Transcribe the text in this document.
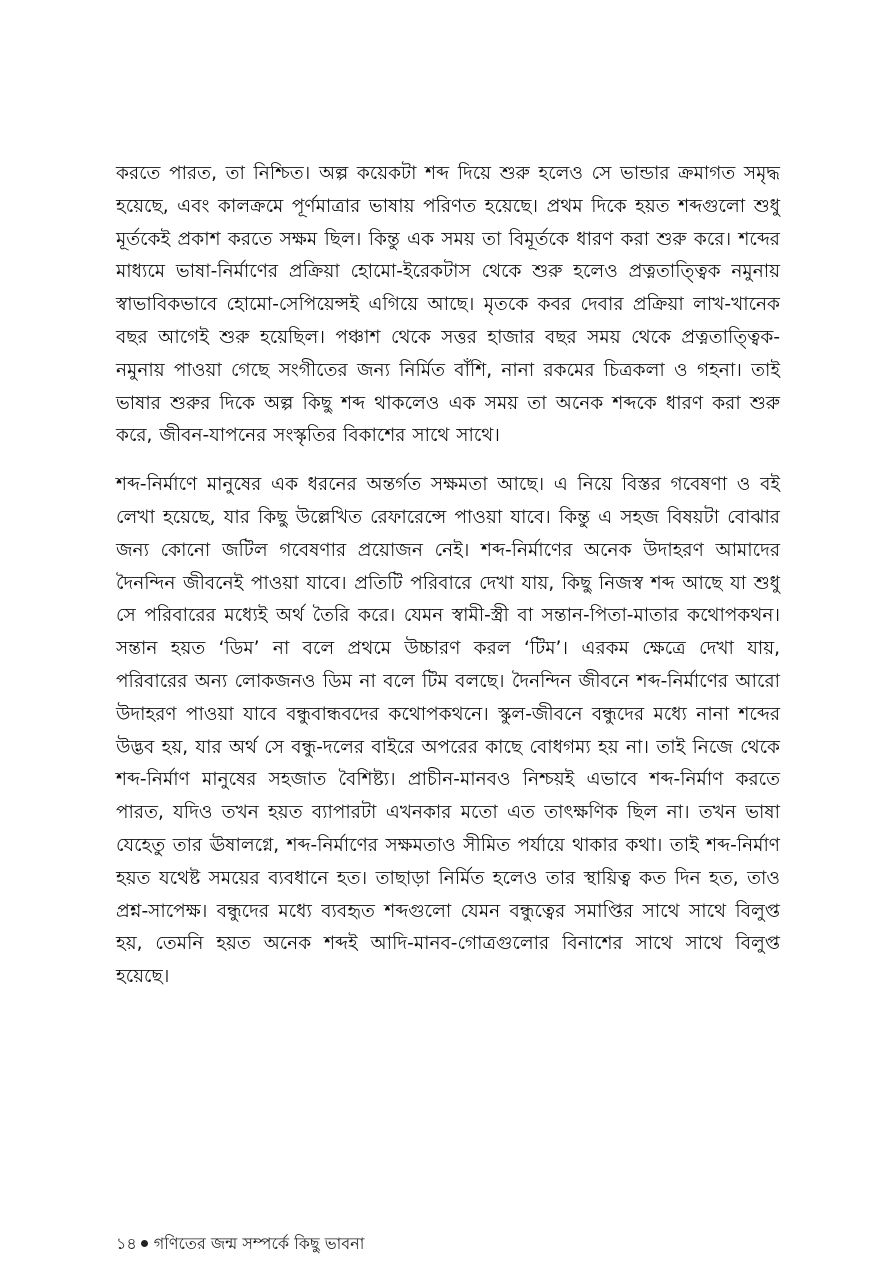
করতে পারত, তা নিশ্চিত। অল্প কয়েকটা শব্দ দিয়ে শুরু হলেও সে ভান্ডার ক্রমাগত সমৃদ্ধ হয়েছে, এবং কালক্রমে পূর্ণমাত্রার ভাষায় পরিণত হয়েছে। প্রথম দিকে হয়ত শব্দগুলো শুধু মূর্তকেই প্রকাশ করতে সক্ষম ছিল। কিন্তু এক সময় তা বিমূর্তকে ধারণ করা শুরু করে। শব্দের মাধ্যমে ভাষা-নির্মাণের প্রক্রিয়া হোমো-ইরেকটাস থেকে শুরু হলেও প্রত্নতাত্ত্বিক নমুনায় স্বাভাবিকভাবে হোমো-সেপিয়েন্সই এগিয়ে আছে। মৃতকে কবর দেবার প্রক্রিয়া লাখ-খানেক বছর আগেই শুরু হয়েছিল। পঞ্চাশ থেকে সত্তর হাজার বছর সময় থেকে প্রত্নতাত্ত্বিক-নমুনায় পাওয়া গেছে সংগীতের জন্য নির্মিত বাঁশি, নানা রকমের চিত্রকলা ও গহনা। তাই ভাষার শুরুর দিকে অল্প কিছু শব্দ থাকলেও এক সময় তা অনেক শব্দকে ধারণ করা শুরু করে, জীবন-যাপনের সংস্কৃতির বিকাশের সাথে সাথে।

শব্দ-নির্মাণে মানুষের এক ধরনের অন্তর্গত সক্ষমতা আছে। এ নিয়ে বিস্তর গবেষণা ও বই লেখা হয়েছে, যার কিছু উল্লেখিত রেফারেন্সে পাওয়া যাবে। কিন্তু এ সহজ বিষয়টা বোঝার জন্য কোনো জটিল গবেষণার প্রয়োজন নেই। শব্দ-নির্মাণের অনেক উদাহরণ আমাদের দৈনন্দিন জীবনেই পাওয়া যাবে। প্রতিটি পরিবারে দেখা যায়, কিছু নিজস্ব শব্দ আছে যা শুধু সে পরিবারের মধ্যেই অর্থ তৈরি করে। যেমন স্বামী-স্ত্রী বা সন্তান-পিতা-মাতার কথোপকথন। সন্তান হয়ত ‘ডিম’ না বলে প্রথমে উচ্চারণ করল ‘টিম’। এরকম ক্ষেত্রে দেখা যায়, পরিবারের অন্য লোকজনও ডিম না বলে টিম বলছে। দৈনন্দিন জীবনে শব্দ-নির্মাণের আরো উদাহরণ পাওয়া যাবে বন্ধুবান্ধবদের কথোপকথনে। স্কুল-জীবনে বন্ধুদের মধ্যে নানা শব্দের উদ্ভব হয়, যার অর্থ সে বন্ধু-দলের বাইরে অপরের কাছে বোধগম্য হয় না। তাই নিজে থেকে শব্দ-নির্মাণ মানুষের সহজাত বৈশিষ্ট্য। প্রাচীন-মানবও নিশ্চয়ই এভাবে শব্দ-নির্মাণ করতে পারত, যদিও তখন হয়ত ব্যাপারটা এখনকার মতো এত তাৎক্ষণিক ছিল না। তখন ভাষা যেহেতু তার ঊষালগ্নে, শব্দ-নির্মাণের সক্ষমতাও সীমিত পর্যায়ে থাকার কথা। তাই শব্দ-নির্মাণ হয়ত যথেষ্ট সময়ের ব্যবধানে হত। তাছাড়া নির্মিত হলেও তার স্থায়িত্ব কত দিন হত, তাও প্রশ্ন-সাপেক্ষ। বন্ধুদের মধ্যে ব্যবহৃত শব্দগুলো যেমন বন্ধুত্বের সমাপ্তির সাথে সাথে বিলুপ্ত হয়, তেমনি হয়ত অনেক শব্দই আদি-মানব-গোত্রগুলোর বিনাশের সাথে সাথে বিলুপ্ত হয়েছে।

১৪ গণিতের জন্ম সম্পর্কে কিছু ভাবনা
